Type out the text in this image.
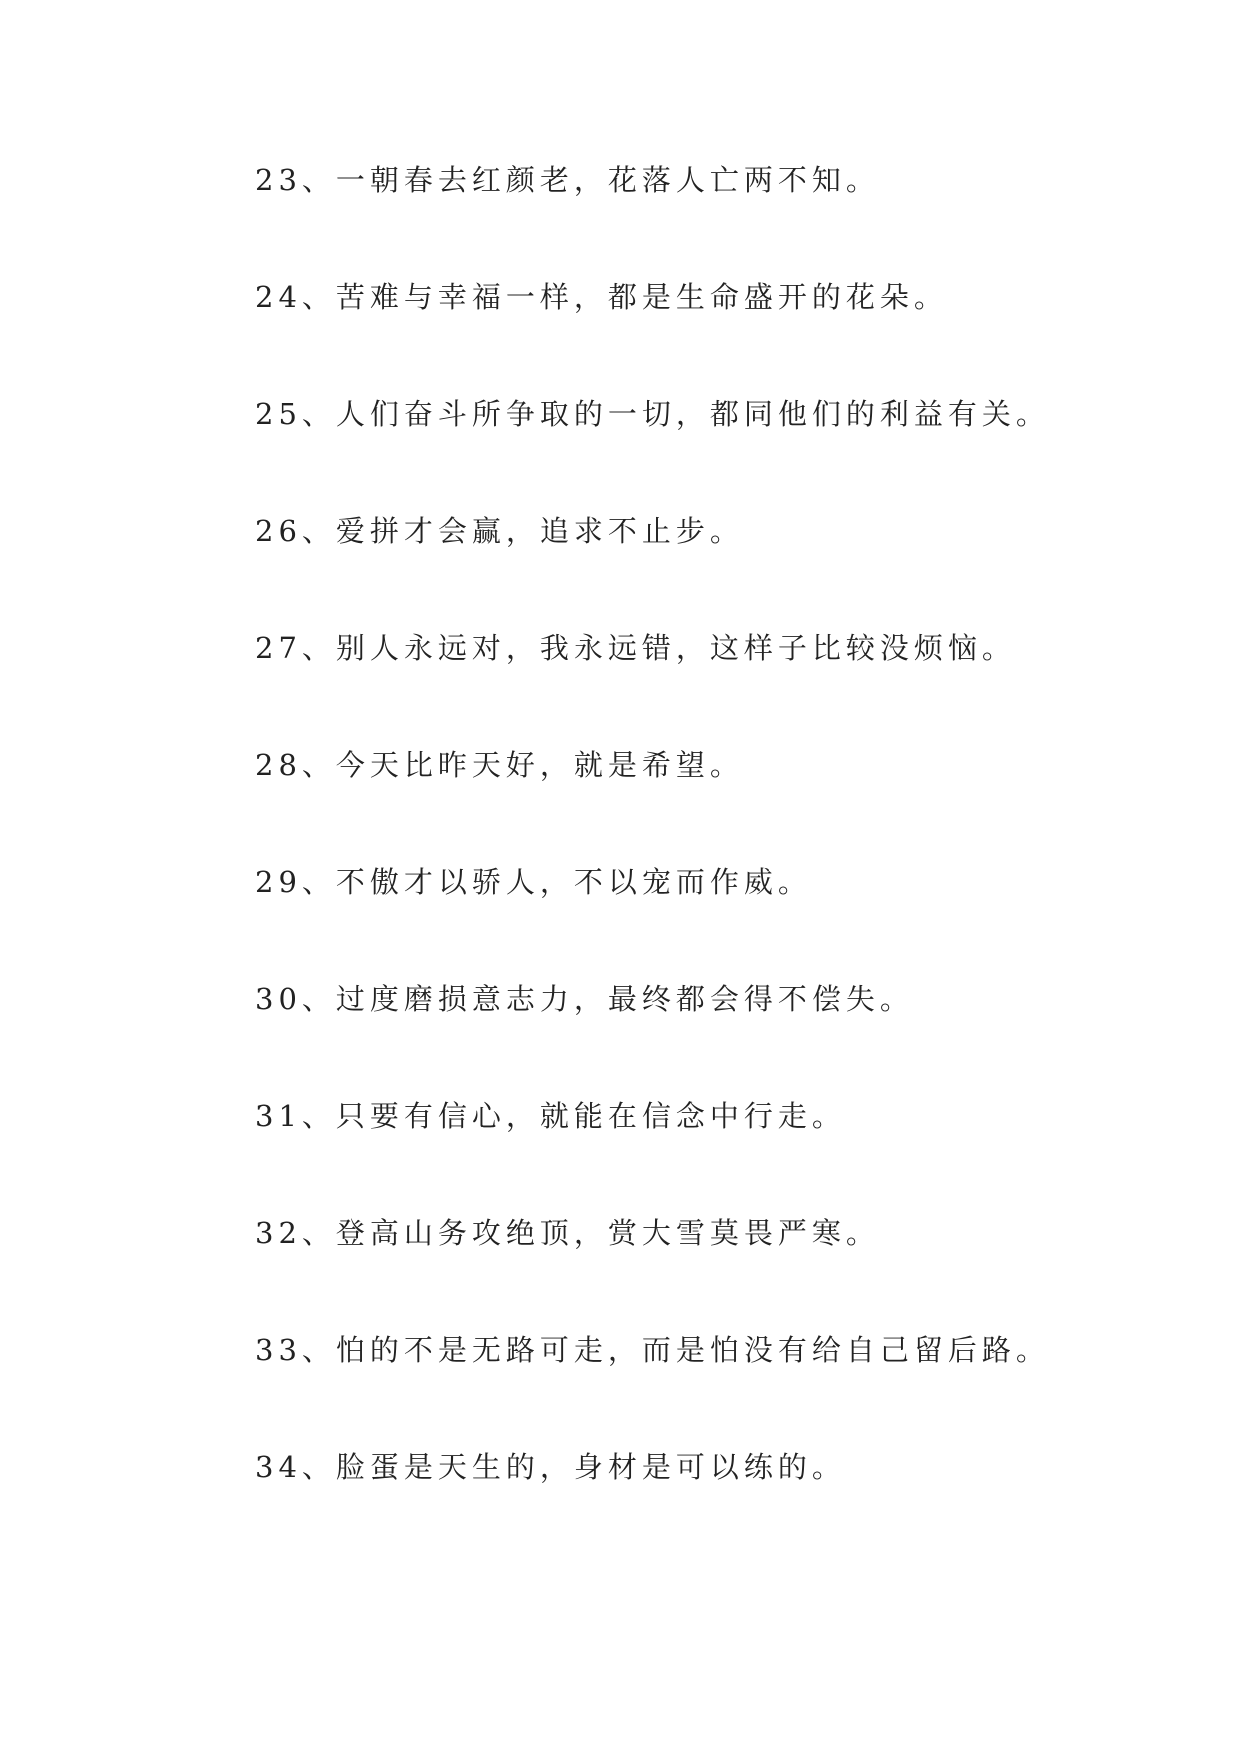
23、一朝春去红颜老，花落人亡两不知。
24、苦难与幸福一样，都是生命盛开的花朵。
25、人们奋斗所争取的一切，都同他们的利益有关。
26、爱拼才会赢，追求不止步。
27、别人永远对，我永远错，这样子比较没烦恼。
28、今天比昨天好，就是希望。
29、不傲才以骄人，不以宠而作威。
30、过度磨损意志力，最终都会得不偿失。
31、只要有信心，就能在信念中行走。
32、登高山务攻绝顶，赏大雪莫畏严寒。
33、怕的不是无路可走，而是怕没有给自己留后路。
34、脸蛋是天生的，身材是可以练的。
